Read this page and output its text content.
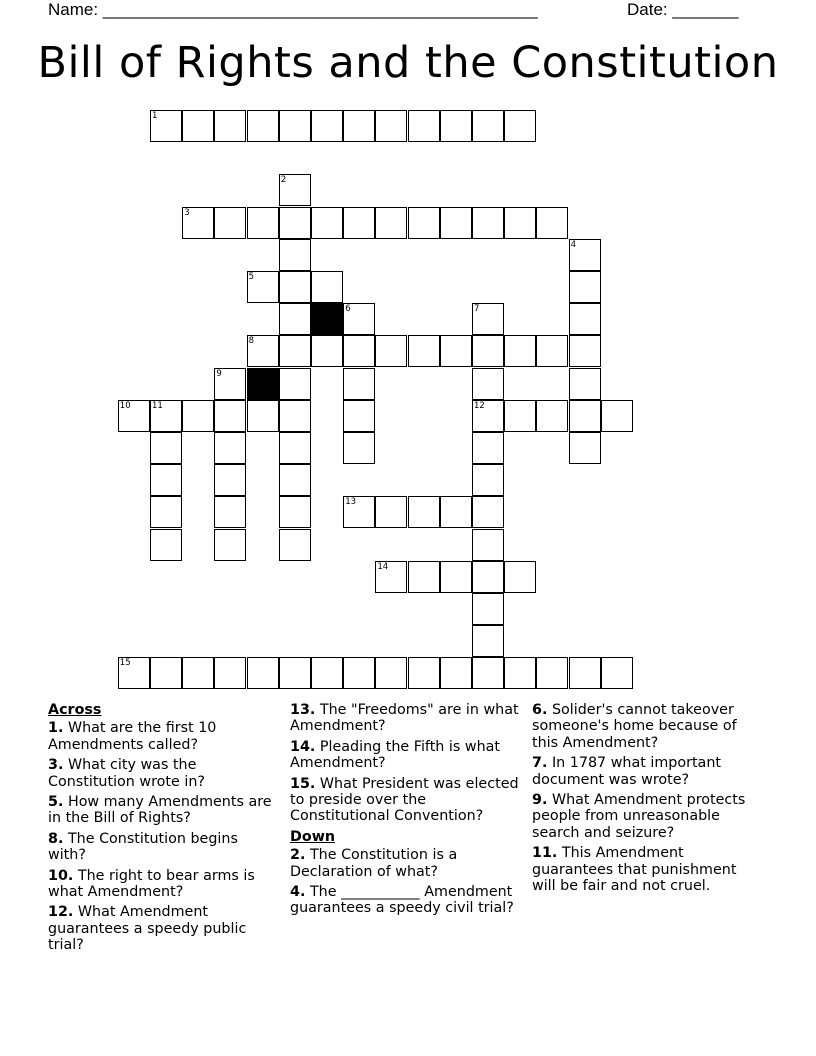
Name: ______________________________________________	Date: _______
Bill of Rights and the Constitution
1
2
3
4
5
6	7
8
9
10	11	12
13
14
15
Across
1. What are the first 10 Amendments called?
3. What city was the Constitution wrote in?
5. How many Amendments are in the Bill of Rights?
8. The Constitution begins with?
10. The right to bear arms is what Amendment?
12. What Amendment guarantees a speedy public trial?
13. The "Freedoms" are in what Amendment?
14. Pleading the Fifth is what Amendment?
15. What President was elected to preside over the Constitutional Convention?
Down
2. The Constitution is a Declaration of what?
4. The ___________ Amendment guarantees a speedy civil trial?
6. Solider's cannot takeover someone's home because of this Amendment?
7. In 1787 what important document was wrote?
9. What Amendment protects people from unreasonable search and seizure?
11. This Amendment guarantees that punishment will be fair and not cruel.
